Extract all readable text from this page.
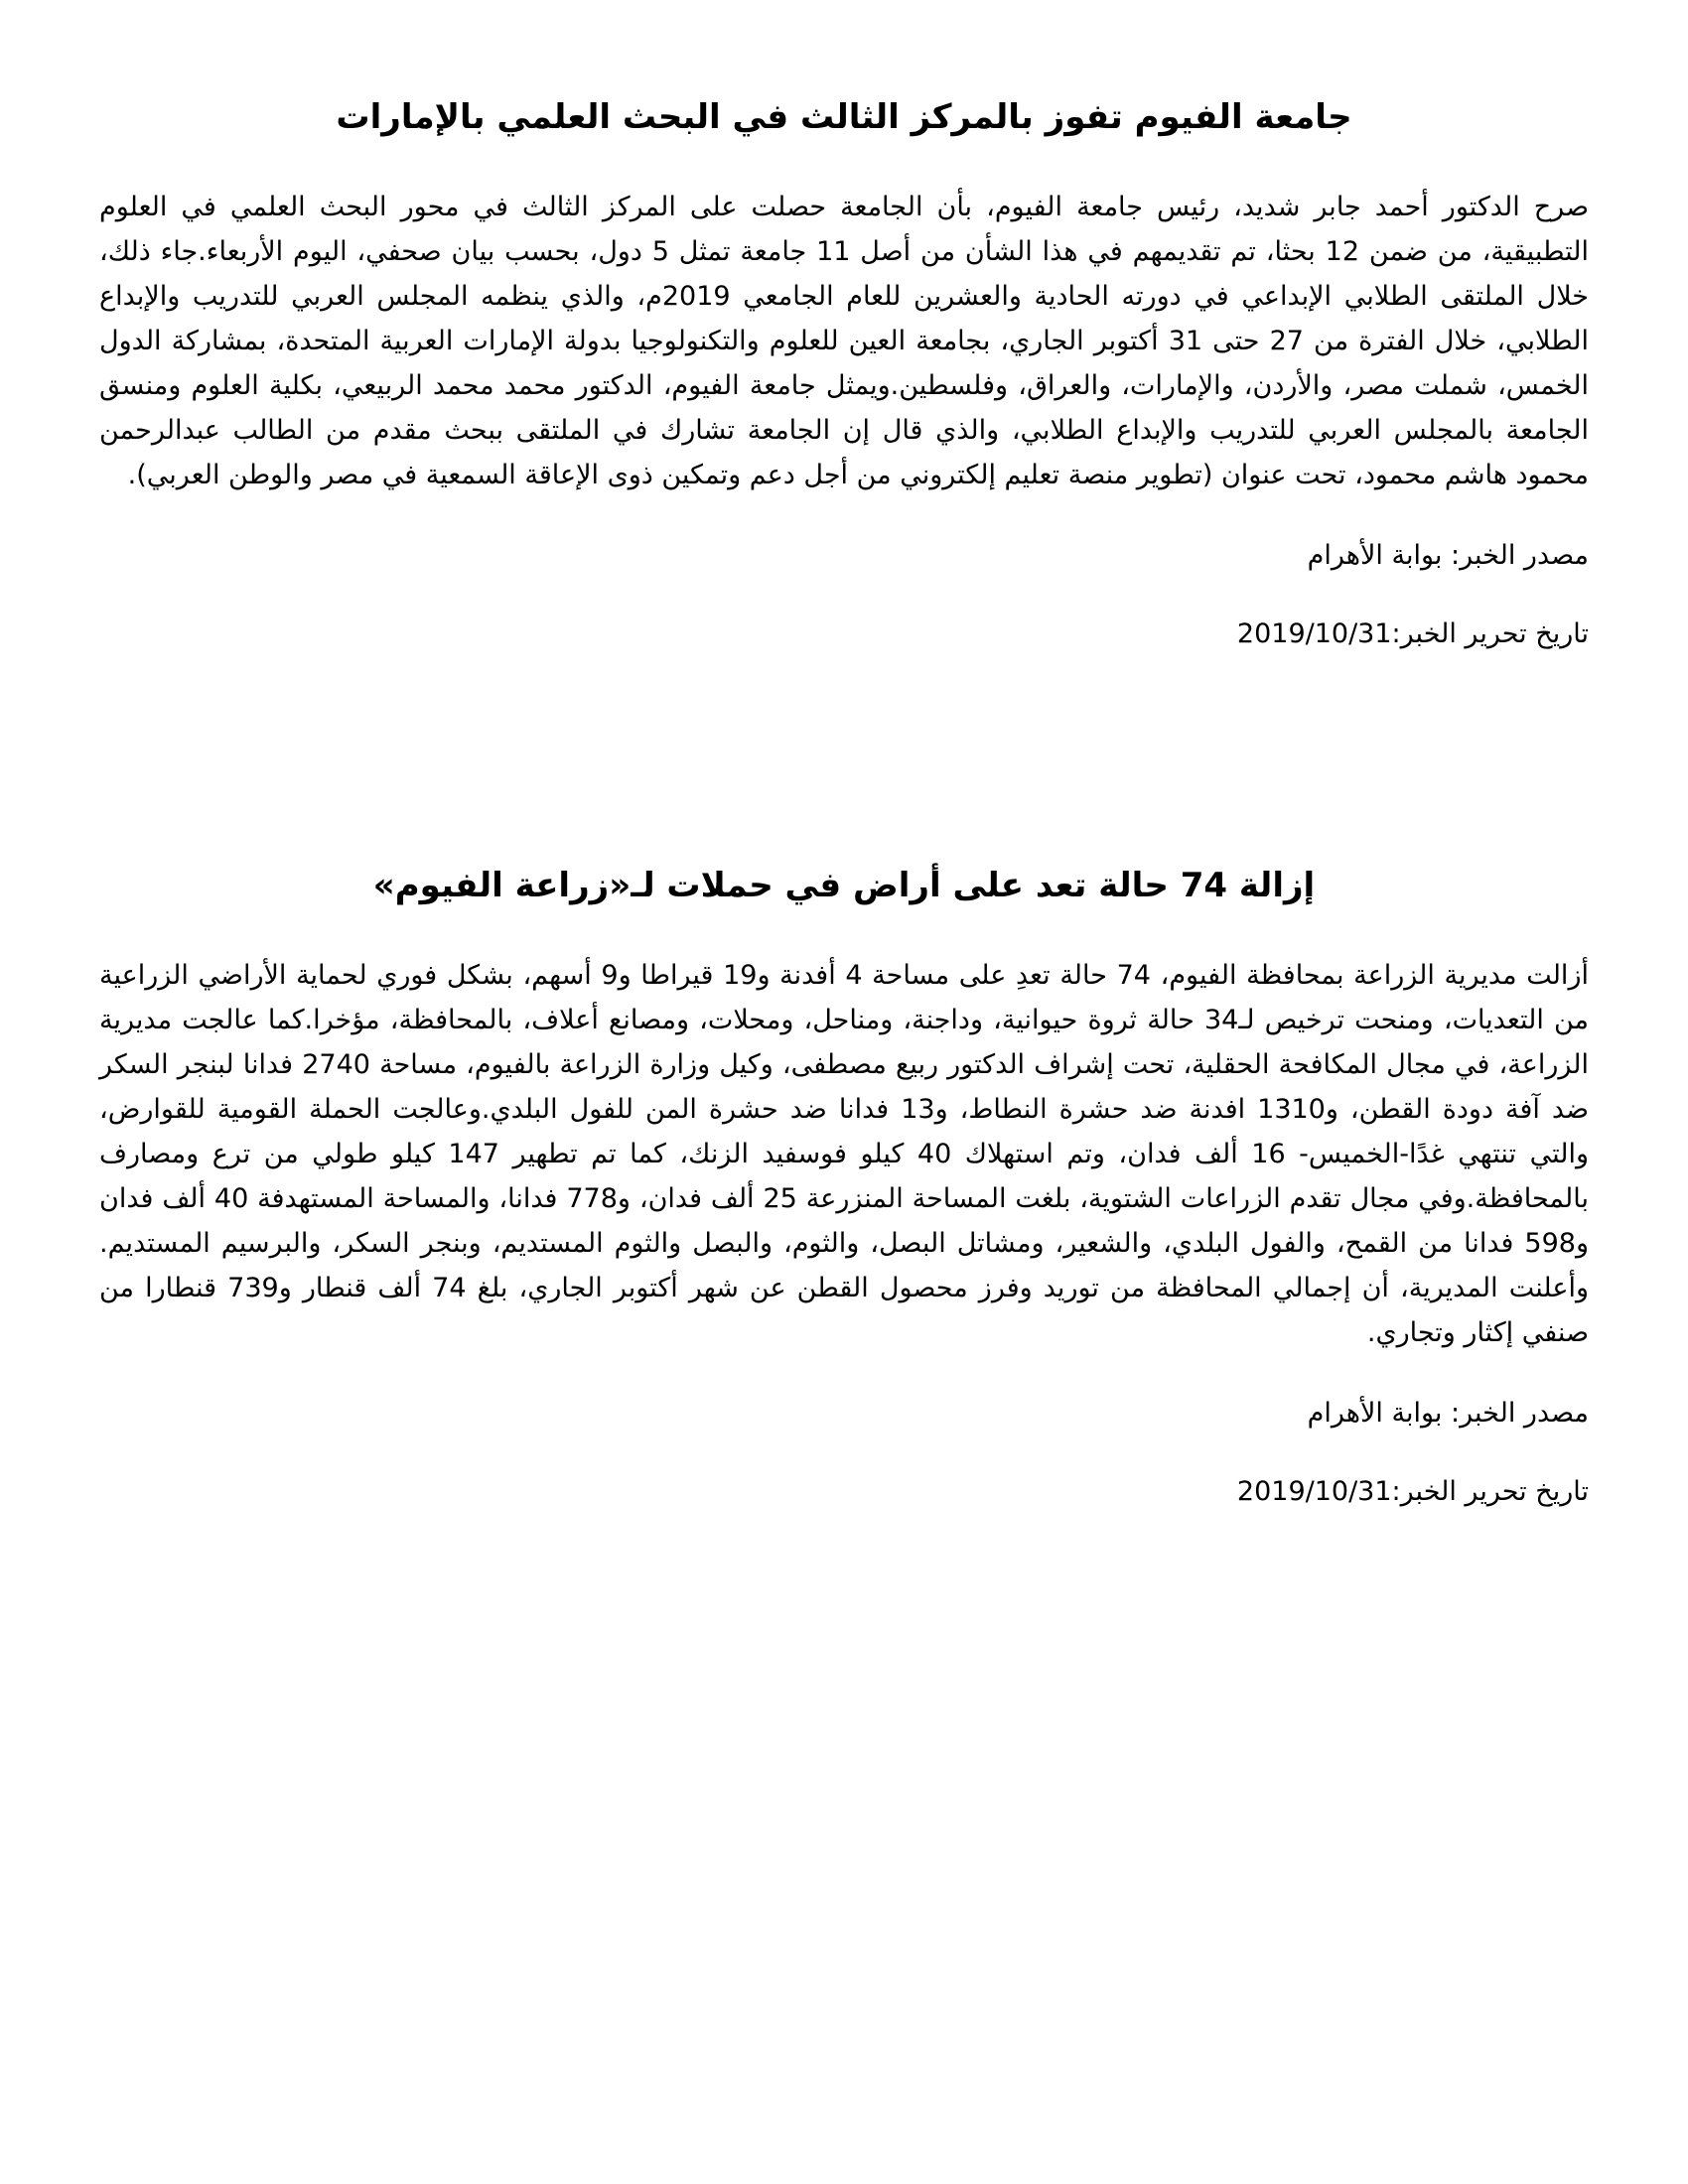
جامعة الفيوم تفوز بالمركز الثالث في البحث العلمي بالإمارات

صرح الدكتور أحمد جابر شديد، رئيس جامعة الفيوم، بأن الجامعة حصلت على المركز الثالث في محور البحث العلمي في العلوم التطبيقية، من ضمن 12 بحثا، تم تقديمهم في هذا الشأن من أصل 11 جامعة تمثل 5 دول، بحسب بيان صحفي، اليوم الأربعاء.جاء ذلك، خلال الملتقى الطلابي الإبداعي في دورته الحادية والعشرين للعام الجامعي 2019م، والذي ينظمه المجلس العربي للتدريب والإبداع الطلابي، خلال الفترة من 27 حتى 31 أكتوبر الجاري، بجامعة العين للعلوم والتكنولوجيا بدولة الإمارات العربية المتحدة، بمشاركة الدول الخمس، شملت مصر، والأردن، والإمارات، والعراق، وفلسطين.ويمثل جامعة الفيوم، الدكتور محمد محمد الربيعي، بكلية العلوم ومنسق الجامعة بالمجلس العربي للتدريب والإبداع الطلابي، والذي قال إن الجامعة تشارك في الملتقى ببحث مقدم من الطالب عبدالرحمن محمود هاشم محمود، تحت عنوان (تطوير منصة تعليم إلكتروني من أجل دعم وتمكين ذوى الإعاقة السمعية في مصر والوطن العربي).

مصدر الخبر: بوابة الأهرام

تاريخ تحرير الخبر:2019/10/31

إزالة 74 حالة تعد على أراض في حملات لـ«زراعة الفيوم»

أزالت مديرية الزراعة بمحافظة الفيوم، 74 حالة تعدِ على مساحة 4 أفدنة و19 قيراطا و9 أسهم، بشكل فوري لحماية الأراضي الزراعية من التعديات، ومنحت ترخيص لـ34 حالة ثروة حيوانية، وداجنة، ومناحل، ومحلات، ومصانع أعلاف، بالمحافظة، مؤخرا.كما عالجت مديرية الزراعة، في مجال المكافحة الحقلية، تحت إشراف الدكتور ربيع مصطفى، وكيل وزارة الزراعة بالفيوم، مساحة 2740 فدانا لبنجر السكر ضد آفة دودة القطن، و1310 افدنة ضد حشرة النطاط، و13 فدانا ضد حشرة المن للفول البلدي.وعالجت الحملة القومية للقوارض، والتي تنتهي غدًا-الخميس- 16 ألف فدان، وتم استهلاك 40 كيلو فوسفيد الزنك، كما تم تطهير 147 كيلو طولي من ترع ومصارف بالمحافظة.وفي مجال تقدم الزراعات الشتوية، بلغت المساحة المنزرعة 25 ألف فدان، و778 فدانا، والمساحة المستهدفة 40 ألف فدان و598 فدانا من القمح، والفول البلدي، والشعير، ومشاتل البصل، والثوم، والبصل والثوم المستديم، وبنجر السكر، والبرسيم المستديم. وأعلنت المديرية، أن إجمالي المحافظة من توريد وفرز محصول القطن عن شهر أكتوبر الجاري، بلغ 74 ألف قنطار و739 قنطارا من صنفي إكثار وتجاري.

مصدر الخبر: بوابة الأهرام

تاريخ تحرير الخبر:2019/10/31
